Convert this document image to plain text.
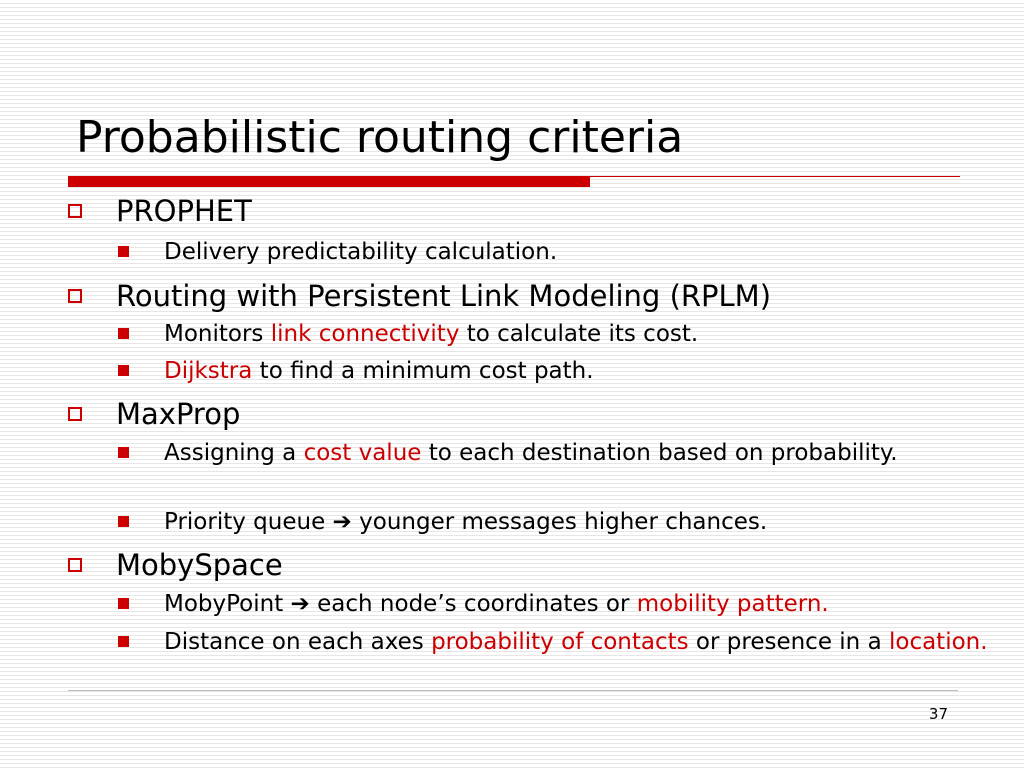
Probabilistic routing criteria
PROPHET
Delivery predictability calculation.
Routing with Persistent Link Modeling (RPLM)
Monitors link connectivity to calculate its cost.
Dijkstra to find a minimum cost path.
MaxProp
Assigning a cost value to each destination based on probability.
Priority queue ➔ younger messages higher chances.
MobySpace
MobyPoint ➔ each node’s coordinates or mobility pattern.
Distance on each axes probability of contacts or presence in a location.
37
